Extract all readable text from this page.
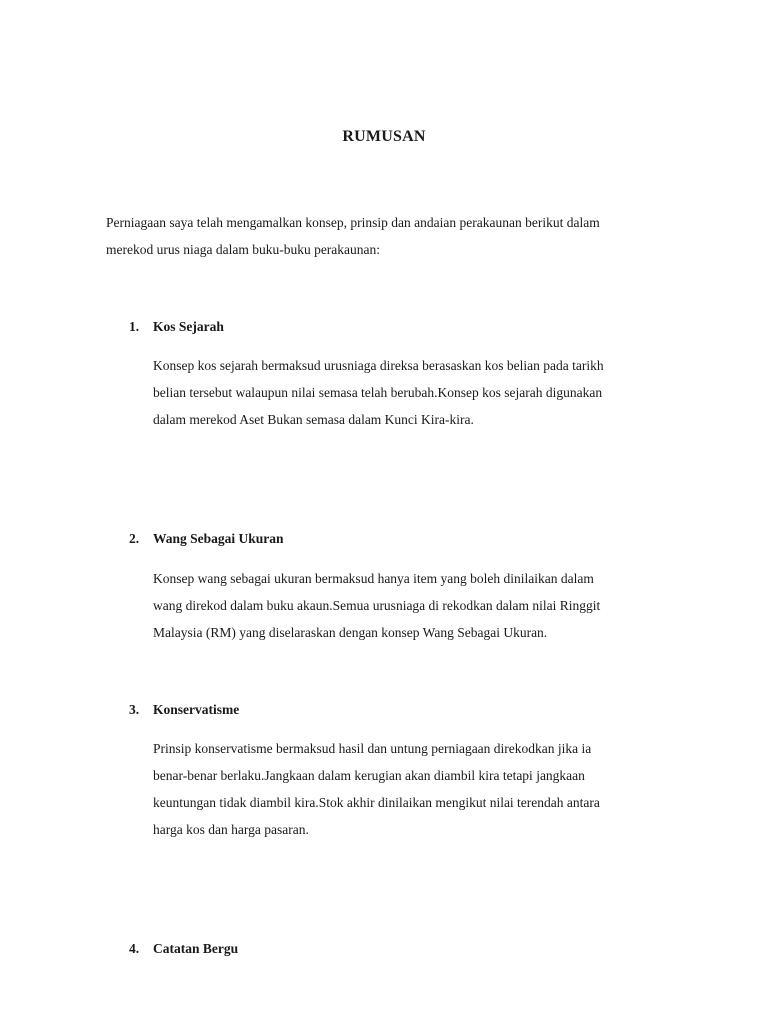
RUMUSAN

Perniagaan saya telah mengamalkan konsep, prinsip dan andaian perakaunan berikut dalam
merekod urus niaga dalam buku-buku perakaunan:

1. Kos Sejarah

Konsep kos sejarah bermaksud urusniaga direksa berasaskan kos belian pada tarikh
belian tersebut walaupun nilai semasa telah berubah.Konsep kos sejarah digunakan
dalam merekod Aset Bukan semasa dalam Kunci Kira-kira.

2. Wang Sebagai Ukuran

Konsep wang sebagai ukuran bermaksud hanya item yang boleh dinilaikan dalam
wang direkod dalam buku akaun.Semua urusniaga di rekodkan dalam nilai Ringgit
Malaysia (RM) yang diselaraskan dengan konsep Wang Sebagai Ukuran.

3. Konservatisme

Prinsip konservatisme bermaksud hasil dan untung perniagaan direkodkan jika ia
benar-benar berlaku.Jangkaan dalam kerugian akan diambil kira tetapi jangkaan
keuntungan tidak diambil kira.Stok akhir dinilaikan mengikut nilai terendah antara
harga kos dan harga pasaran.

4. Catatan Bergu
